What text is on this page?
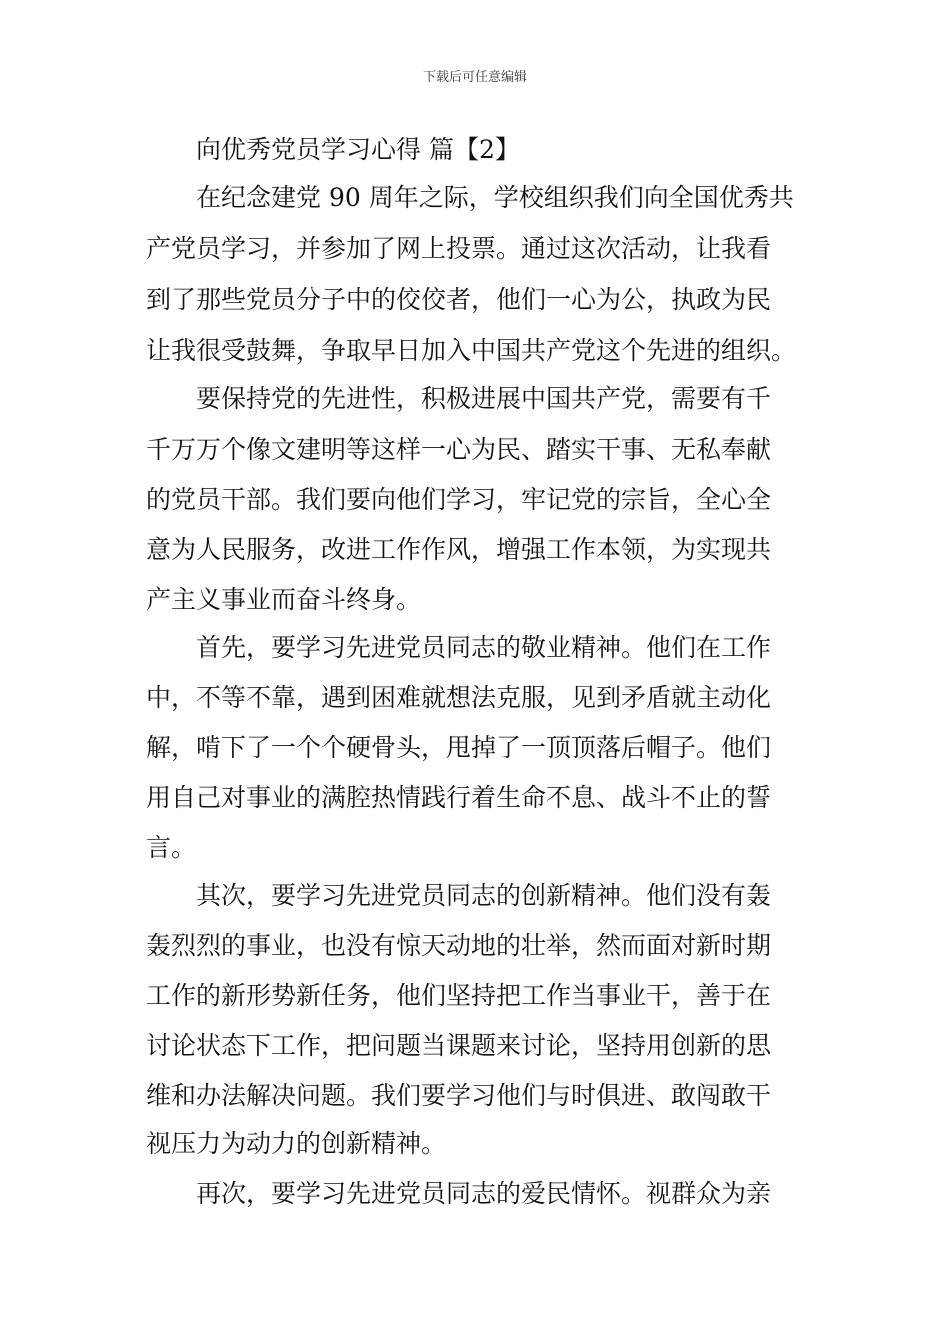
下载后可任意编辑
向优秀党员学习心得 篇【2】
在纪念建党 90 周年之际，学校组织我们向全国优秀共
产党员学习，并参加了网上投票。通过这次活动，让我看
到了那些党员分子中的佼佼者，他们一心为公，执政为民
让我很受鼓舞，争取早日加入中国共产党这个先进的组织。
要保持党的先进性，积极进展中国共产党，需要有千
千万万个像文建明等这样一心为民、踏实干事、无私奉献
的党员干部。我们要向他们学习，牢记党的宗旨，全心全
意为人民服务，改进工作作风，增强工作本领，为实现共
产主义事业而奋斗终身。
首先，要学习先进党员同志的敬业精神。他们在工作
中，不等不靠，遇到困难就想法克服，见到矛盾就主动化
解，啃下了一个个硬骨头，甩掉了一顶顶落后帽子。他们
用自己对事业的满腔热情践行着生命不息、战斗不止的誓
言。
其次，要学习先进党员同志的创新精神。他们没有轰
轰烈烈的事业，也没有惊天动地的壮举，然而面对新时期
工作的新形势新任务，他们坚持把工作当事业干，善于在
讨论状态下工作，把问题当课题来讨论，坚持用创新的思
维和办法解决问题。我们要学习他们与时俱进、敢闯敢干
视压力为动力的创新精神。
再次，要学习先进党员同志的爱民情怀。视群众为亲
